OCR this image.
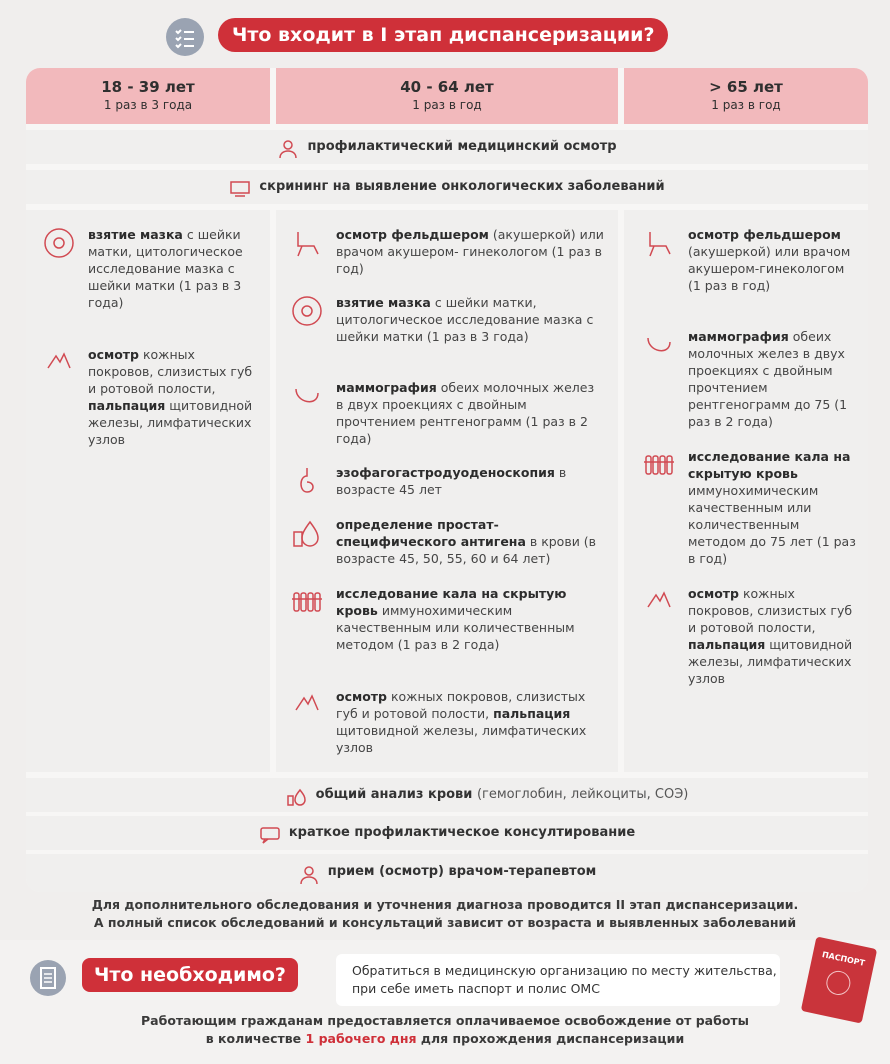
Что входит в I этап диспансеризации?
18 - 39 лет
1 раз в 3 года
40 - 64 лет
1 раз в год
> 65 лет
1 раз в год
профилактический медицинский осмотр
скрининг на выявление онкологических заболеваний
взятие мазка с шейки матки, цитологическое исследование мазка с шейки матки (1 раз в 3 года)
осмотр кожных покровов, слизистых губ и ротовой полости, пальпация щитовидной железы, лимфатических узлов
осмотр фельдшером (акушеркой) или врачом акушером- гинекологом (1 раз в год)
взятие мазка с шейки матки, цитологическое исследование мазка с шейки матки (1 раз в 3 года)
маммография обеих молочных желез в двух проекциях с двойным прочтением рентгенограмм (1 раз в 2 года)
эзофагогастродуоденоскопия в возрасте 45 лет
определение простат-специфического антигена в крови (в возрасте 45, 50, 55, 60 и 64 лет)
исследование кала на скрытую кровь иммунохимическим качественным или количественным методом (1 раз в 2 года)
осмотр кожных покровов, слизистых губ и ротовой полости, пальпация щитовидной железы, лимфатических узлов
осмотр фельдшером (акушеркой) или врачом акушером-гинекологом (1 раз в год)
маммография обеих молочных желез в двух проекциях с двойным прочтением рентгенограмм до 75 (1 раз в 2 года)
исследование кала на скрытую кровь иммунохимическим качественным или количественным методом до 75 лет (1 раз в год)
осмотр кожных покровов, слизистых губ и ротовой полости, пальпация щитовидной железы, лимфатических узлов
общий анализ крови (гемоглобин, лейкоциты, СОЭ)
краткое профилактическое консултирование
прием (осмотр) врачом-терапевтом
Для дополнительного обследования и уточнения диагноза проводится II этап диспансеризации.
А полный список обследований и консультаций зависит от возраста и выявленных заболеваний
Что необходимо?	Обратиться в медицинскую организацию по месту жительства, при себе иметь паспорт и полис ОМС
ПАСПОРТ
Работающим гражданам предоставляется оплачиваемое освобождение от работы
в количестве 1 рабочего дня для прохождения диспансеризации
